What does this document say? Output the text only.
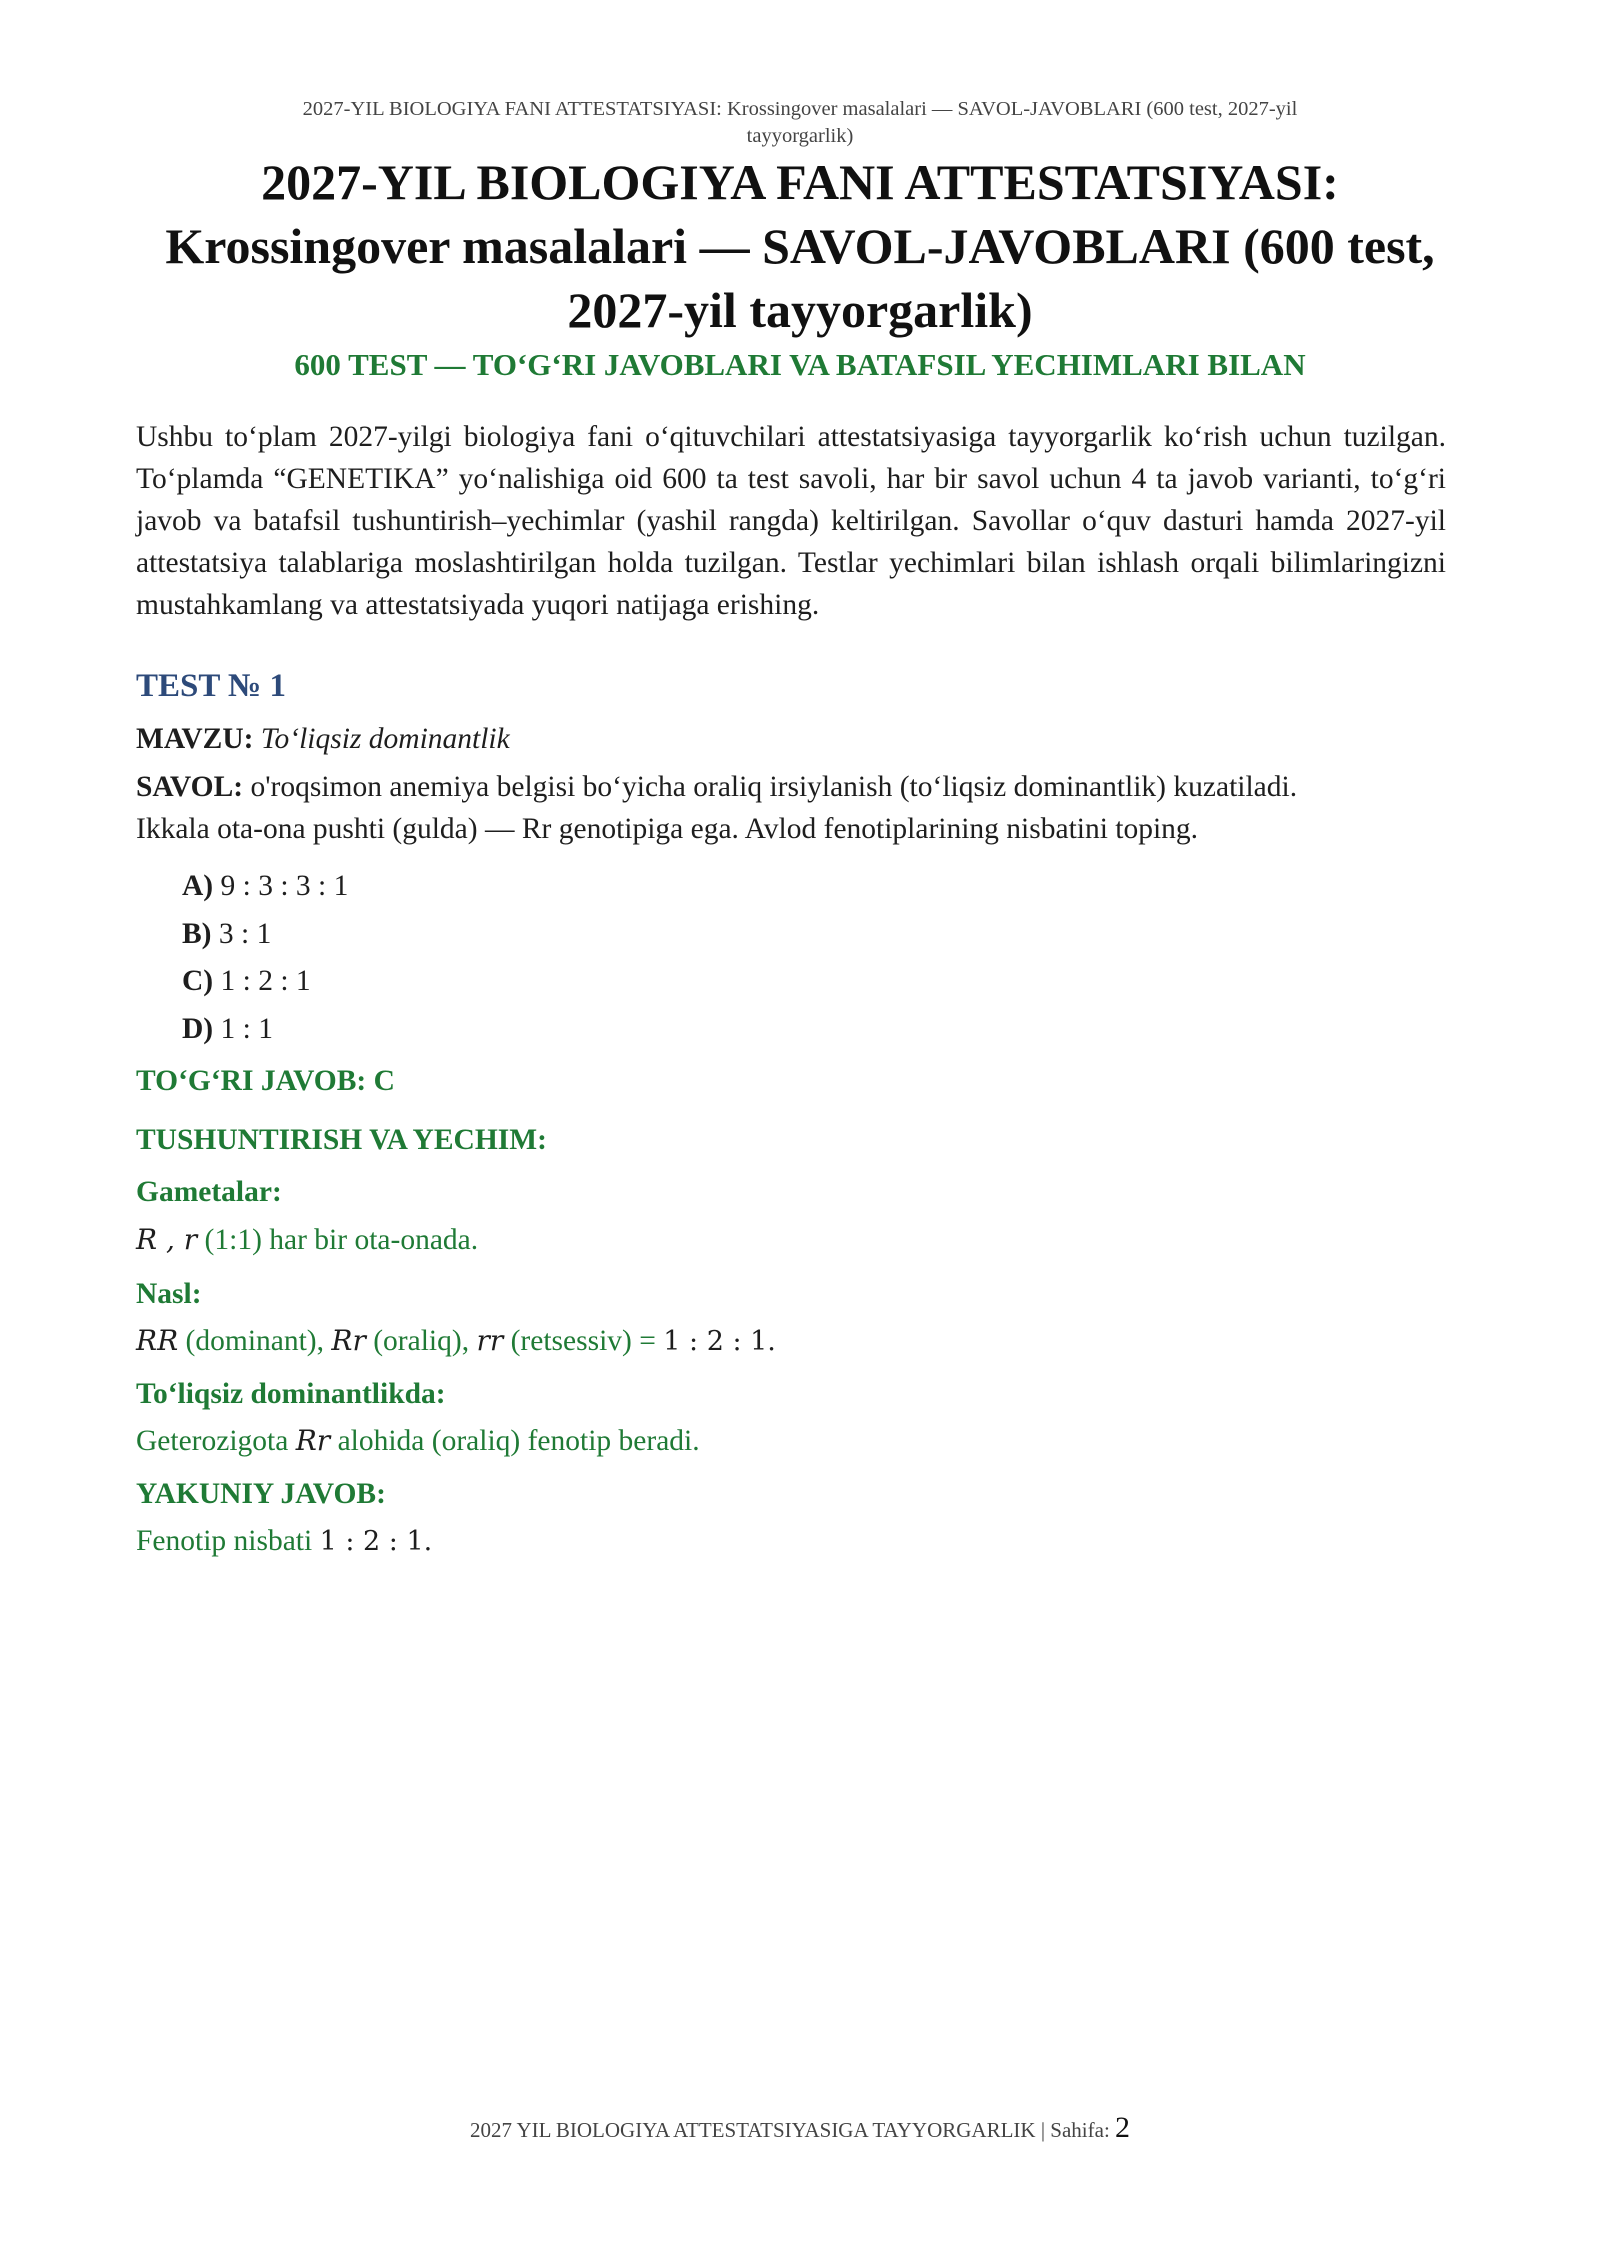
2027-YIL BIOLOGIYA FANI ATTESTATSIYASI: Krossingover masalalari — SAVOL-JAVOBLARI (600 test, 2027-yil
tayyorgarlik)
2027-YIL BIOLOGIYA FANI ATTESTATSIYASI:
Krossingover masalalari — SAVOL-JAVOBLARI (600 test,
2027-yil tayyorgarlik)
600 TEST — TO‘G‘RI JAVOBLARI VA BATAFSIL YECHIMLARI BILAN

Ushbu to‘plam 2027-yilgi biologiya fani o‘qituvchilari attestatsiyasiga tayyorgarlik ko‘rish uchun tuzilgan. To‘plamda “GENETIKA” yo‘nalishiga oid 600 ta test savoli, har bir savol uchun 4 ta javob varianti, to‘g‘ri javob va batafsil tushuntirish–yechimlar (yashil rangda) keltirilgan. Savollar o‘quv dasturi hamda 2027-yil attestatsiya talablariga moslashtirilgan holda tuzilgan. Testlar yechimlari bilan ishlash orqali bilimlaringizni mustahkamlang va attestatsiyada yuqori natijaga erishing.

TEST № 1

MAVZU: To‘liqsiz dominantlik

SAVOL: o'roqsimon anemiya belgisi bo‘yicha oraliq irsiylanish (to‘liqsiz dominantlik) kuzatiladi.

Ikkala ota-ona pushti (gulda) — Rr genotipiga ega. Avlod fenotiplarining nisbatini toping.

A) 9 : 3 : 3 : 1
B) 3 : 1
C) 1 : 2 : 1
D) 1 : 1

TO‘G‘RI JAVOB: C

TUSHUNTIRISH VA YECHIM:

Gametalar:

R , r (1:1) har bir ota-onada.

Nasl:

RR (dominant), Rr (oraliq), rr (retsessiv) = 1 : 2 : 1.

To‘liqsiz dominantlikda:

Geterozigota Rr alohida (oraliq) fenotip beradi.

YAKUNIY JAVOB:

Fenotip nisbati 1 : 2 : 1.

2027 YIL BIOLOGIYA ATTESTATSIYASIGA TAYYORGARLIK | Sahifa: 2
